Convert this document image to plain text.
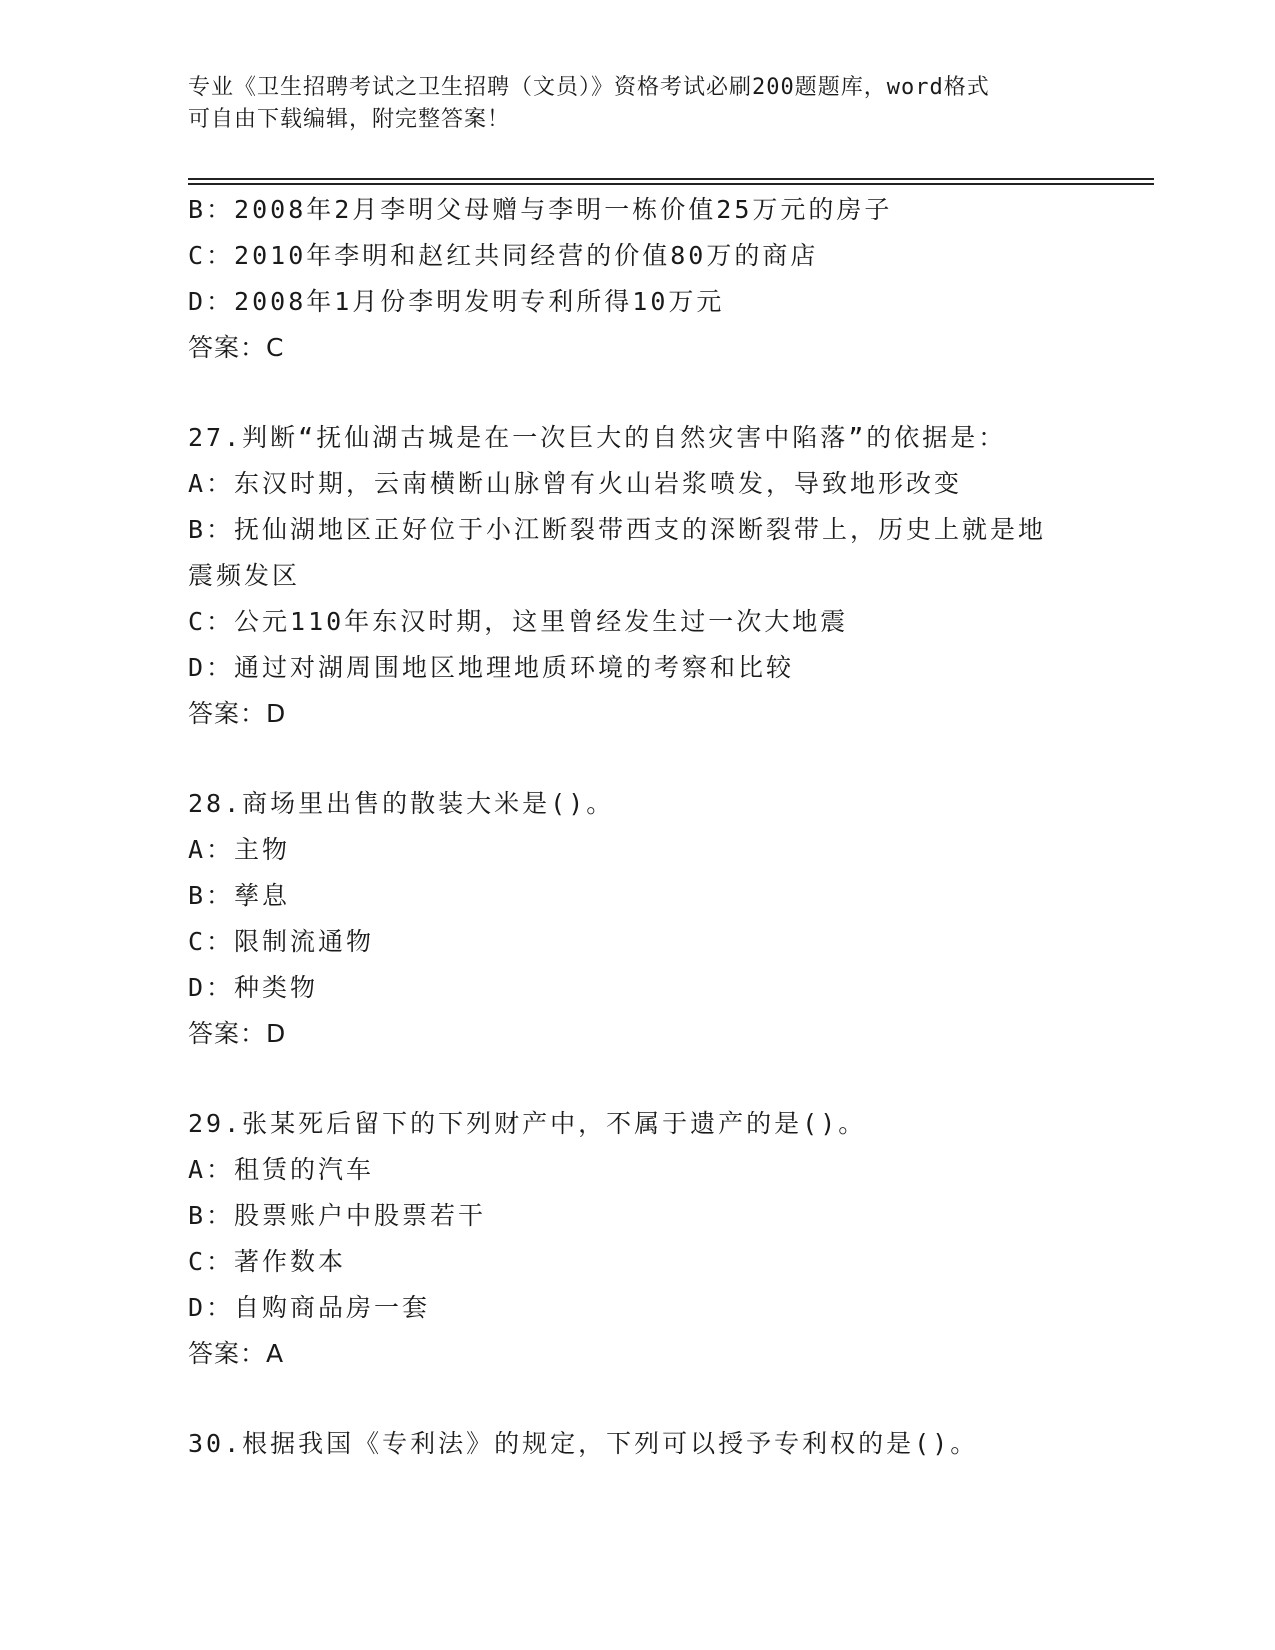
专业《卫生招聘考试之卫生招聘（文员）》资格考试必刷200题题库，word格式
可自由下载编辑，附完整答案！
B：2008年2月李明父母赠与李明一栋价值25万元的房子
C：2010年李明和赵红共同经营的价值80万的商店
D：2008年1月份李明发明专利所得10万元
答案：C
27.判断“抚仙湖古城是在一次巨大的自然灾害中陷落”的依据是：
A：东汉时期，云南横断山脉曾有火山岩浆喷发，导致地形改变
B：抚仙湖地区正好位于小江断裂带西支的深断裂带上，历史上就是地
震频发区
C：公元110年东汉时期，这里曾经发生过一次大地震
D：通过对湖周围地区地理地质环境的考察和比较
答案：D
28.商场里出售的散装大米是()。
A：主物
B：孳息
C：限制流通物
D：种类物
答案：D
29.张某死后留下的下列财产中，不属于遗产的是()。
A：租赁的汽车
B：股票账户中股票若干
C：著作数本
D：自购商品房一套
答案：A
30.根据我国《专利法》的规定，下列可以授予专利权的是()。
